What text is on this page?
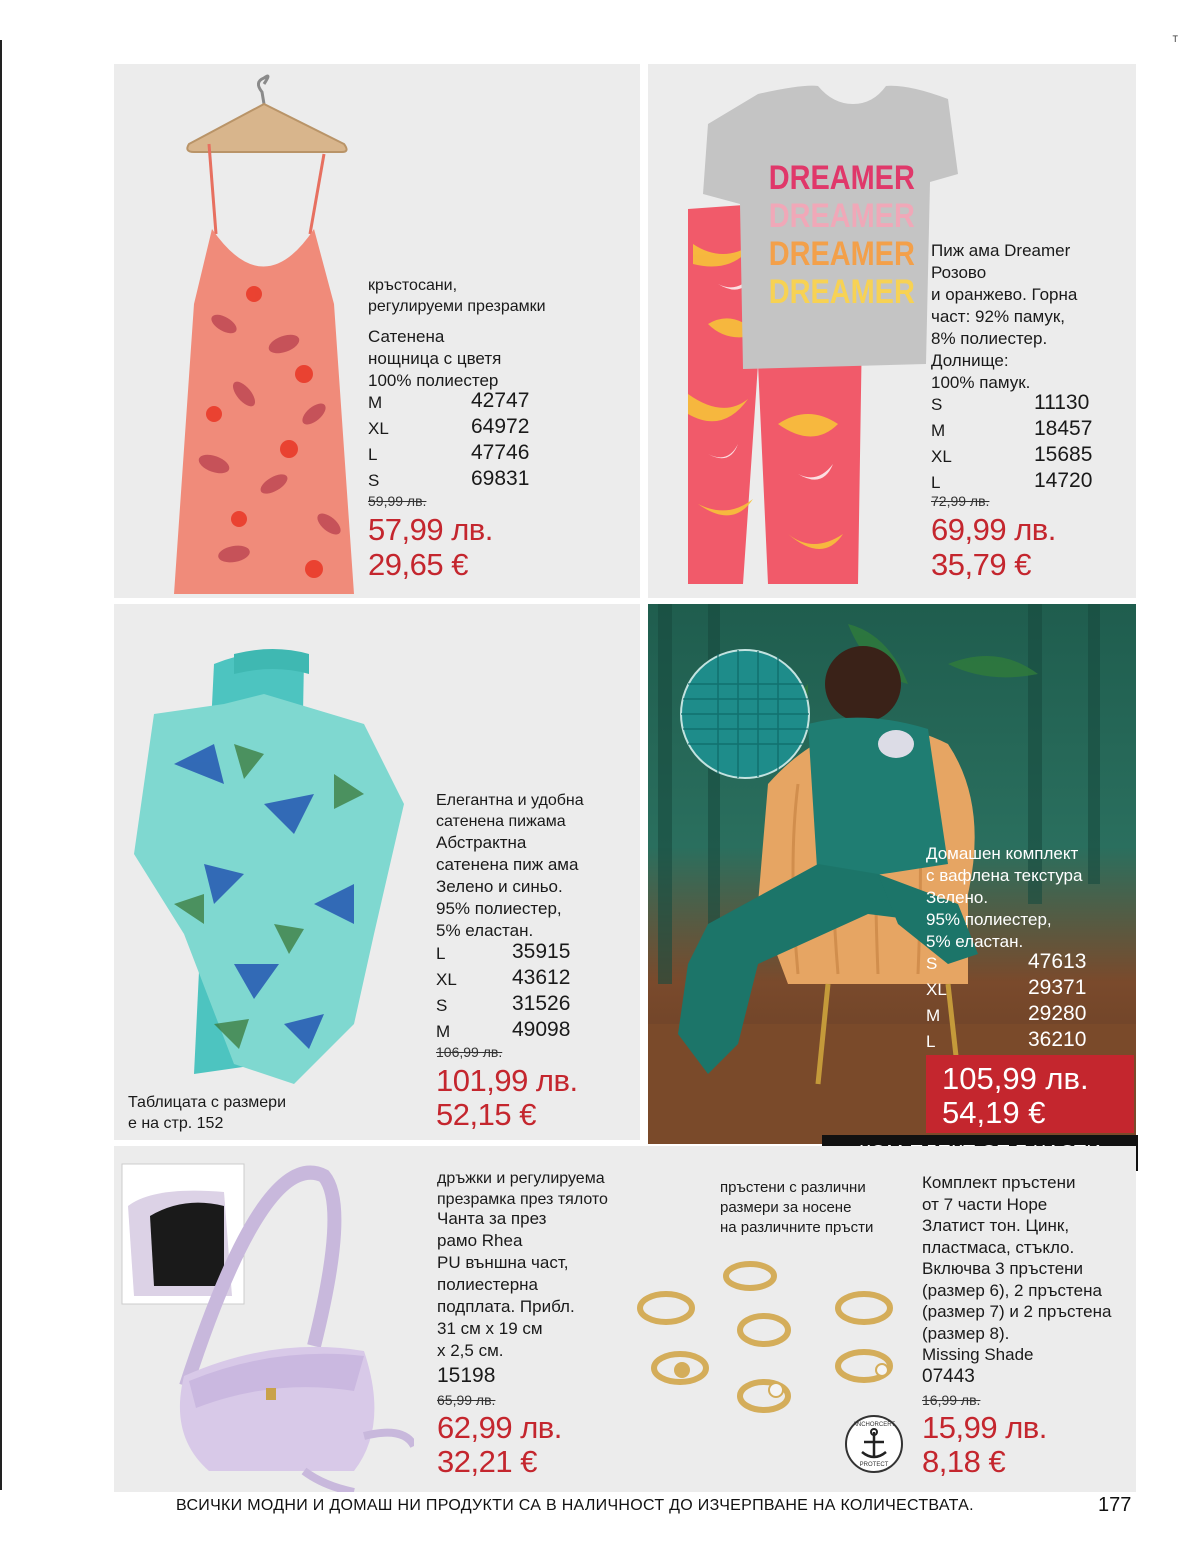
T
кръстосани,
регулируеми презрамки
Сатенена
нощница с цветя
100% полиестер
M	42747
XL	64972
L	47746
S	69831
59,99 лв.
57,99 лв.
29,65 €
DREAMER
DREAMER
DREAMER
DREAMER
Пиж ама Dreamer
Розово
и оранжево. Горна
част: 92% памук,
8% полиестер.
Долнище:
100% памук.
S	11130
M	18457
XL	15685
L	14720
72,99 лв.
69,99 лв.
35,79 €
Елегантна и удобна
сатенена пижама
Абстрактна
сатенена пиж ама
Зелено и синьо.
95% полиестер,
5% еластан.
L	35915
XL	43612
S	31526
M	49098
106,99 лв.
101,99 лв.
52,15 €
Таблицата с размери
е на стр. 152
Домашен комплект
с вафлена текстура
Зелено.
95% полиестер,
5% еластан.
S	47613
XL	29371
M	29280
L	36210
105,99 лв.
54,19 €
дръжки и регулируема
презрамка през тялото
Чанта за през
рамо Rhea
PU външна част,
полиестерна
подплата. Прибл.
31 см х 19 см
х 2,5 см.
15198
65,99 лв.
62,99 лв.
32,21 €
пръстени с различни
размери за носене
на различните пръсти
ANCHORCERT
PROTECT
Комплект пръстени
от 7 части Hope
Златист тон. Цинк,
пластмаса, стъкло.
Включва 3 пръстени
(размер 6), 2 пръстена
(размер 7) и 2 пръстена
(размер 8).
Missing Shade
07443
16,99 лв.
15,99 лв.
8,18 €
ВСИЧКИ МОДНИ И ДОМАШ НИ ПРОДУКТИ СА В НАЛИЧНОСТ ДО ИЗЧЕРПВАНЕ НА КОЛИЧЕСТВАТА.	177
